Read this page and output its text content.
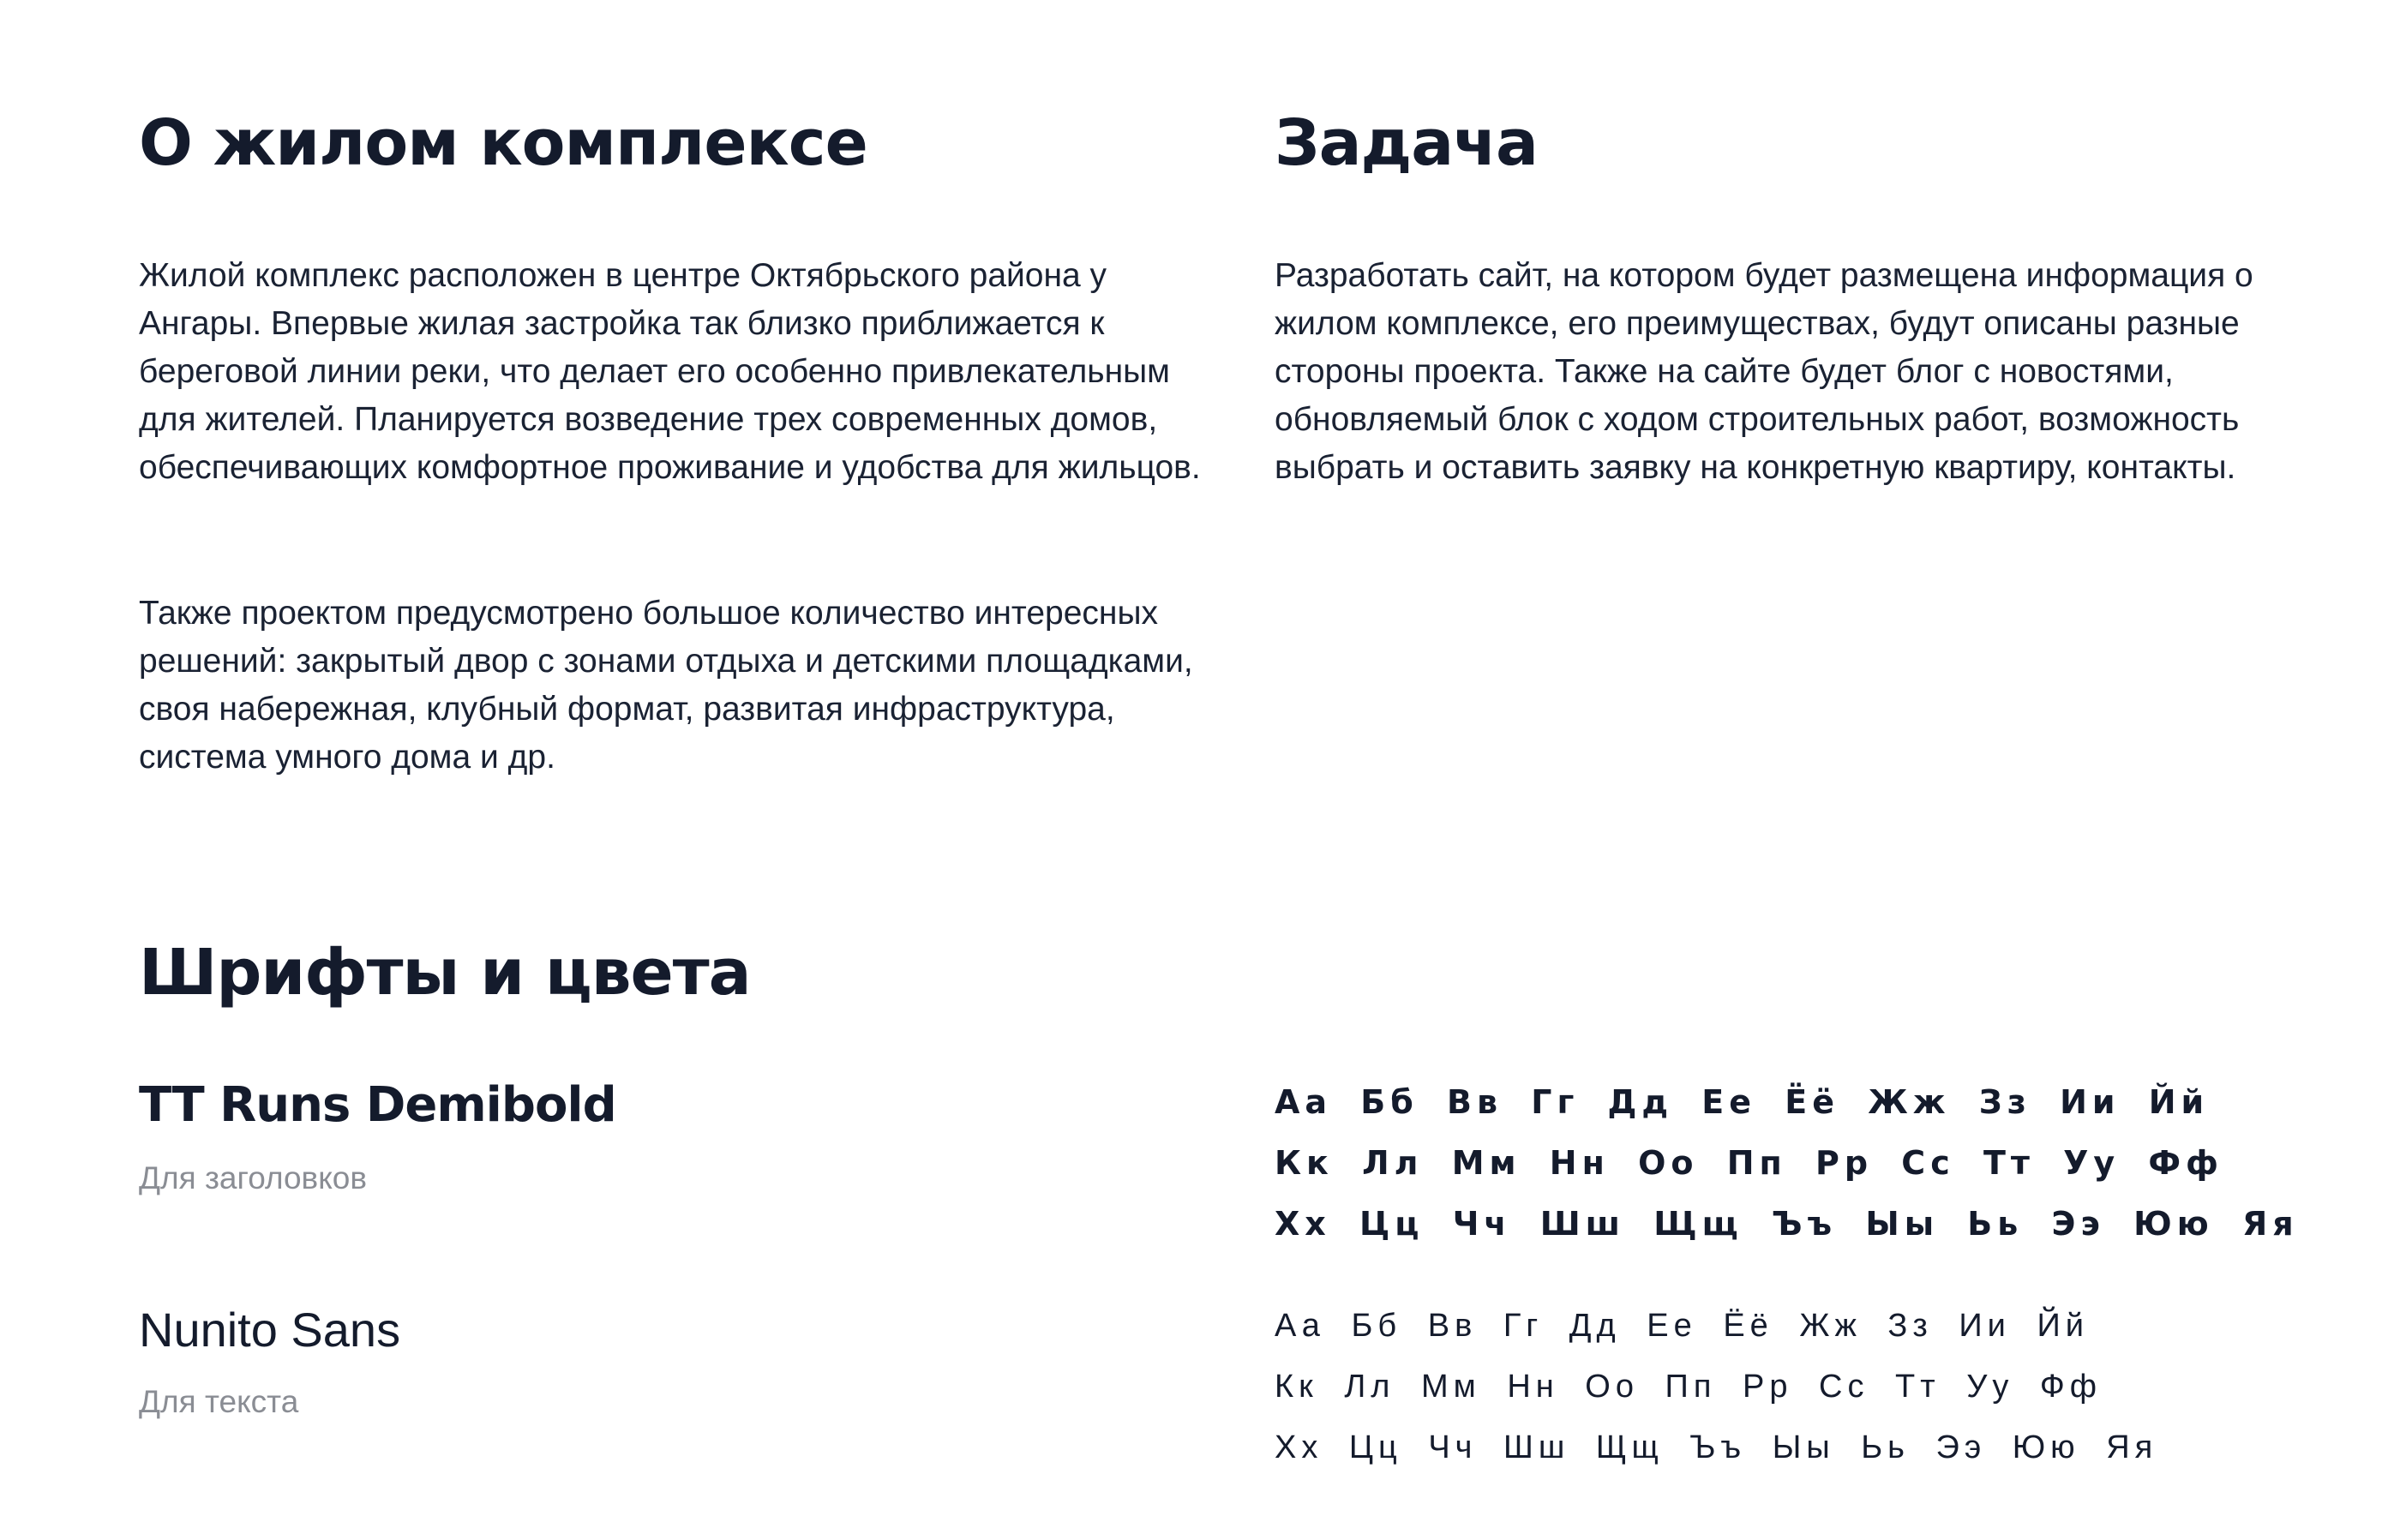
О жилом комплексе

Жилой комплекс расположен в центре Октябрьского района у Ангары. Впервые жилая застройка так близко приближается к береговой линии реки, что делает его особенно привлекательным для жителей. Планируется возведение трех современных домов, обеспечивающих комфортное проживание и удобства для жильцов.

Также проектом предусмотрено большое количество интересных решений: закрытый двор с зонами отдыха и детскими площадками, своя набережная, клубный формат, развитая инфраструктура, система умного дома и др.

Задача

Разработать сайт, на котором будет размещена информация о жилом комплексе, его преимуществах, будут описаны разные стороны проекта. Также на сайте будет блог с новостями, обновляемый блок с ходом строительных работ, возможность выбрать и оставить заявку на конкретную квартиру, контакты.

Шрифты и цвета
TT Runs Demibold
Для заголовков
Nunito Sans
Для текста
Аа Бб Вв Гг Дд Ее Ёё Жж Зз Ии Йй
Кк Лл Мм Нн Оо Пп Рр Сс Тт Уу Фф
Хх Цц Чч Шш Щщ Ъъ Ыы Ьь Ээ Юю Яя
Аа Бб Вв Гг Дд Ее Ёё Жж Зз Ии Йй
Кк Лл Мм Нн Оо Пп Рр Сс Тт Уу Фф
Хх Цц Чч Шш Щщ Ъъ Ыы Ьь Ээ Юю Яя
